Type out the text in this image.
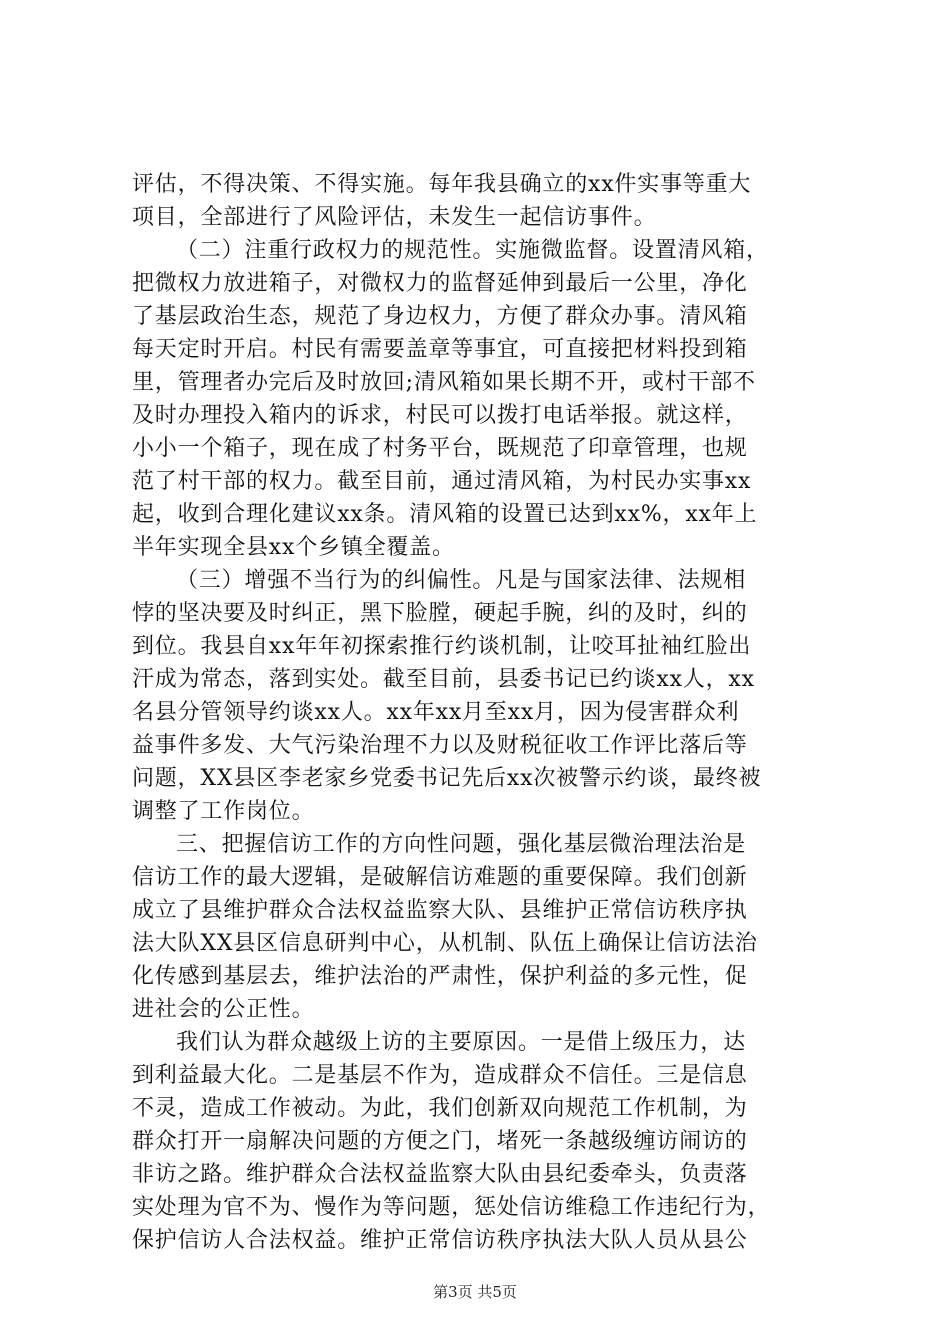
评估，不得决策、不得实施。每年我县确立的xx件实事等重大
项目，全部进行了风险评估，未发生一起信访事件。
（二）注重行政权力的规范性。实施微监督。设置清风箱，
把微权力放进箱子，对微权力的监督延伸到最后一公里，净化
了基层政治生态，规范了身边权力，方便了群众办事。清风箱
每天定时开启。村民有需要盖章等事宜，可直接把材料投到箱
里，管理者办完后及时放回;清风箱如果长期不开，或村干部不
及时办理投入箱内的诉求，村民可以拨打电话举报。就这样，
小小一个箱子，现在成了村务平台，既规范了印章管理，也规
范了村干部的权力。截至目前，通过清风箱，为村民办实事xx
起，收到合理化建议xx条。清风箱的设置已达到xx%，xx年上
半年实现全县xx个乡镇全覆盖。
（三）增强不当行为的纠偏性。凡是与国家法律、法规相
悖的坚决要及时纠正，黑下脸膛，硬起手腕，纠的及时，纠的
到位。我县自xx年年初探索推行约谈机制，让咬耳扯袖红脸出
汗成为常态，落到实处。截至目前，县委书记已约谈xx人，xx
名县分管领导约谈xx人。xx年xx月至xx月，因为侵害群众利
益事件多发、大气污染治理不力以及财税征收工作评比落后等
问题，XX县区李老家乡党委书记先后xx次被警示约谈，最终被
调整了工作岗位。
三、把握信访工作的方向性问题，强化基层微治理法治是
信访工作的最大逻辑，是破解信访难题的重要保障。我们创新
成立了县维护群众合法权益监察大队、县维护正常信访秩序执
法大队XX县区信息研判中心，从机制、队伍上确保让信访法治
化传感到基层去，维护法治的严肃性，保护利益的多元性，促
进社会的公正性。
我们认为群众越级上访的主要原因。一是借上级压力，达
到利益最大化。二是基层不作为，造成群众不信任。三是信息
不灵，造成工作被动。为此，我们创新双向规范工作机制，为
群众打开一扇解决问题的方便之门，堵死一条越级缠访闹访的
非访之路。维护群众合法权益监察大队由县纪委牵头，负责落
实处理为官不为、慢作为等问题，惩处信访维稳工作违纪行为，
保护信访人合法权益。维护正常信访秩序执法大队人员从县公
第3页 共5页
